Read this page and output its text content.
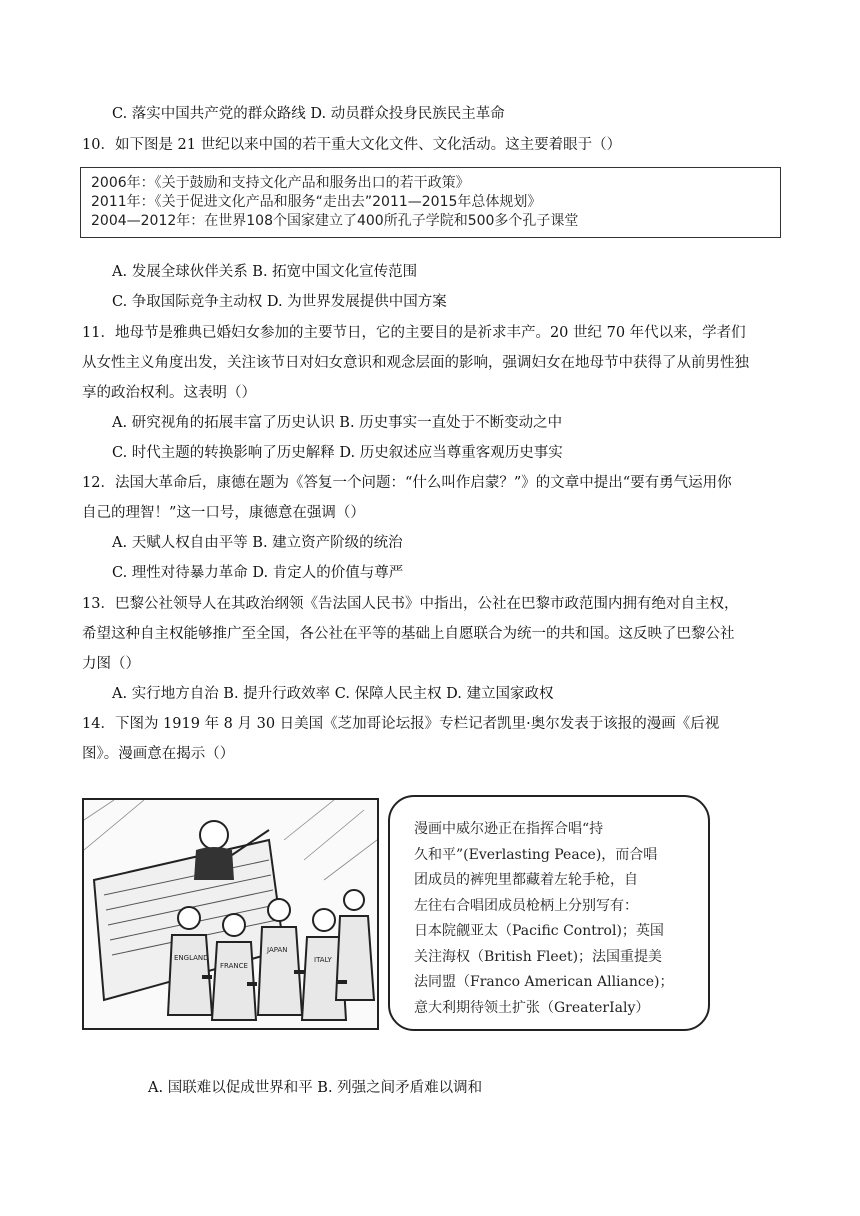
C. 落实中国共产党的群众路线 D. 动员群众投身民族民主革命
10．如下图是 21 世纪以来中国的若干重大文化文件、文化活动。这主要着眼于（）
2006年：《关于鼓励和支持文化产品和服务出口的若干政策》
2011年：《关于促进文化产品和服务“走出去”2011—2015年总体规划》
2004—2012年：在世界108个国家建立了400所孔子学院和500多个孔子课堂
A. 发展全球伙伴关系 B. 拓宽中国文化宣传范围
C. 争取国际竞争主动权 D. 为世界发展提供中国方案
11．地母节是雅典已婚妇女参加的主要节日，它的主要目的是祈求丰产。20 世纪 70 年代以来，学者们
从女性主义角度出发，关注该节日对妇女意识和观念层面的影响，强调妇女在地母节中获得了从前男性独
享的政治权利。这表明（）
A. 研究视角的拓展丰富了历史认识 B. 历史事实一直处于不断变动之中
C. 时代主题的转换影响了历史解释 D. 历史叙述应当尊重客观历史事实
12．法国大革命后，康德在题为《答复一个问题：“什么叫作启蒙？”》的文章中提出“要有勇气运用你
自己的理智！”这一口号，康德意在强调（）
A. 天赋人权自由平等 B. 建立资产阶级的统治
C. 理性对待暴力革命 D. 肯定人的价值与尊严
13．巴黎公社领导人在其政治纲领《告法国人民书》中指出，公社在巴黎市政范围内拥有绝对自主权，
希望这种自主权能够推广至全国，各公社在平等的基础上自愿联合为统一的共和国。这反映了巴黎公社
力图（）
A. 实行地方自治 B. 提升行政效率 C. 保障人民主权 D. 建立国家政权
14．下图为 1919 年 8 月 30 日美国《芝加哥论坛报》专栏记者凯里·奥尔发表于该报的漫画《后视
图》。漫画意在揭示（）
ENGLAND
FRANCE
JAPAN
ITALY
漫画中威尔逊正在指挥合唱“持
久和平”(Everlasting Peace)，而合唱
团成员的裤兜里都藏着左轮手枪，自
左往右合唱团成员枪柄上分别写有：
日本院觎亚太（Pacific Control)；英国
关注海权（British Fleet)；法国重提美
法同盟（Franco American Alliance)；
意大利期待领土扩张（GreaterIaly）
A. 国联难以促成世界和平 B. 列强之间矛盾难以调和
